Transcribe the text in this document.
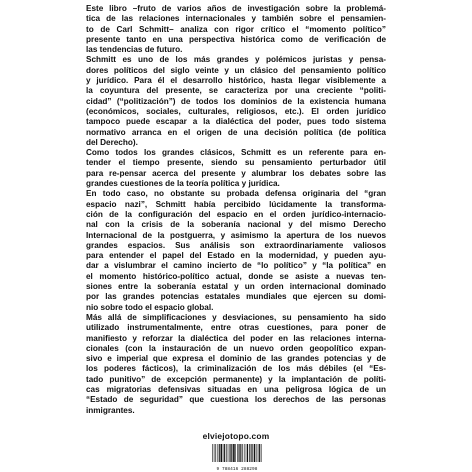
Este libro –fruto de varios años de investigación sobre la problemá-
tica de las relaciones internacionales y también sobre el pensamien-
to de Carl Schmitt– analiza con rigor crítico el “momento político”
presente tanto en una perspectiva histórica como de verificación de
las tendencias de futuro.
Schmitt es uno de los más grandes y polémicos juristas y pensa-
dores políticos del siglo veinte y un clásico del pensamiento político
y jurídico. Para él el desarrollo histórico, hasta llegar visiblemente a
la coyuntura del presente, se caracteriza por una creciente “politi-
cidad” (“politización”) de todos los dominios de la existencia humana
(económicos, sociales, culturales, religiosos, etc.). El orden jurídico
tampoco puede escapar a la dialéctica del poder, pues todo sistema
normativo arranca en el origen de una decisión política (de política
del Derecho).
Como todos los grandes clásicos, Schmitt es un referente para en-
tender el tiempo presente, siendo su pensamiento perturbador útil
para re-pensar acerca del presente y alumbrar los debates sobre las
grandes cuestiones de la teoría política y jurídica.
En todo caso, no obstante su probada defensa originaria del “gran
espacio nazi”, Schmitt había percibido lúcidamente la transforma-
ción de la configuración del espacio en el orden jurídico-internacio-
nal con la crisis de la soberanía nacional y del mismo Derecho
Internacional de la postguerra, y asimismo la apertura de los nuevos
grandes espacios. Sus análisis son extraordinariamente valiosos
para entender el papel del Estado en la modernidad, y pueden ayu-
dar a vislumbrar el camino incierto de “lo político” y “la política” en
el momento histórico-político actual, donde se asiste a nuevas ten-
siones entre la soberanía estatal y un orden internacional dominado
por las grandes potencias estatales mundiales que ejercen su domi-
nio sobre todo el espacio global.
Más allá de simplificaciones y desviaciones, su pensamiento ha sido
utilizado instrumentalmente, entre otras cuestiones, para poner de
manifiesto y reforzar la dialéctica del poder en las relaciones interna-
cionales (con la instauración de un nuevo orden geopolítico expan-
sivo e imperial que expresa el dominio de las grandes potencias y de
los poderes fácticos), la criminalización de los más débiles (el “Es-
tado punitivo” de excepción permanente) y la implantación de políti-
cas migratorias defensivas situadas en una peligrosa lógica de un
“Estado de seguridad” que cuestiona los derechos de las personas
inmigrantes.
elviejotopo.com
9 788416 288298
